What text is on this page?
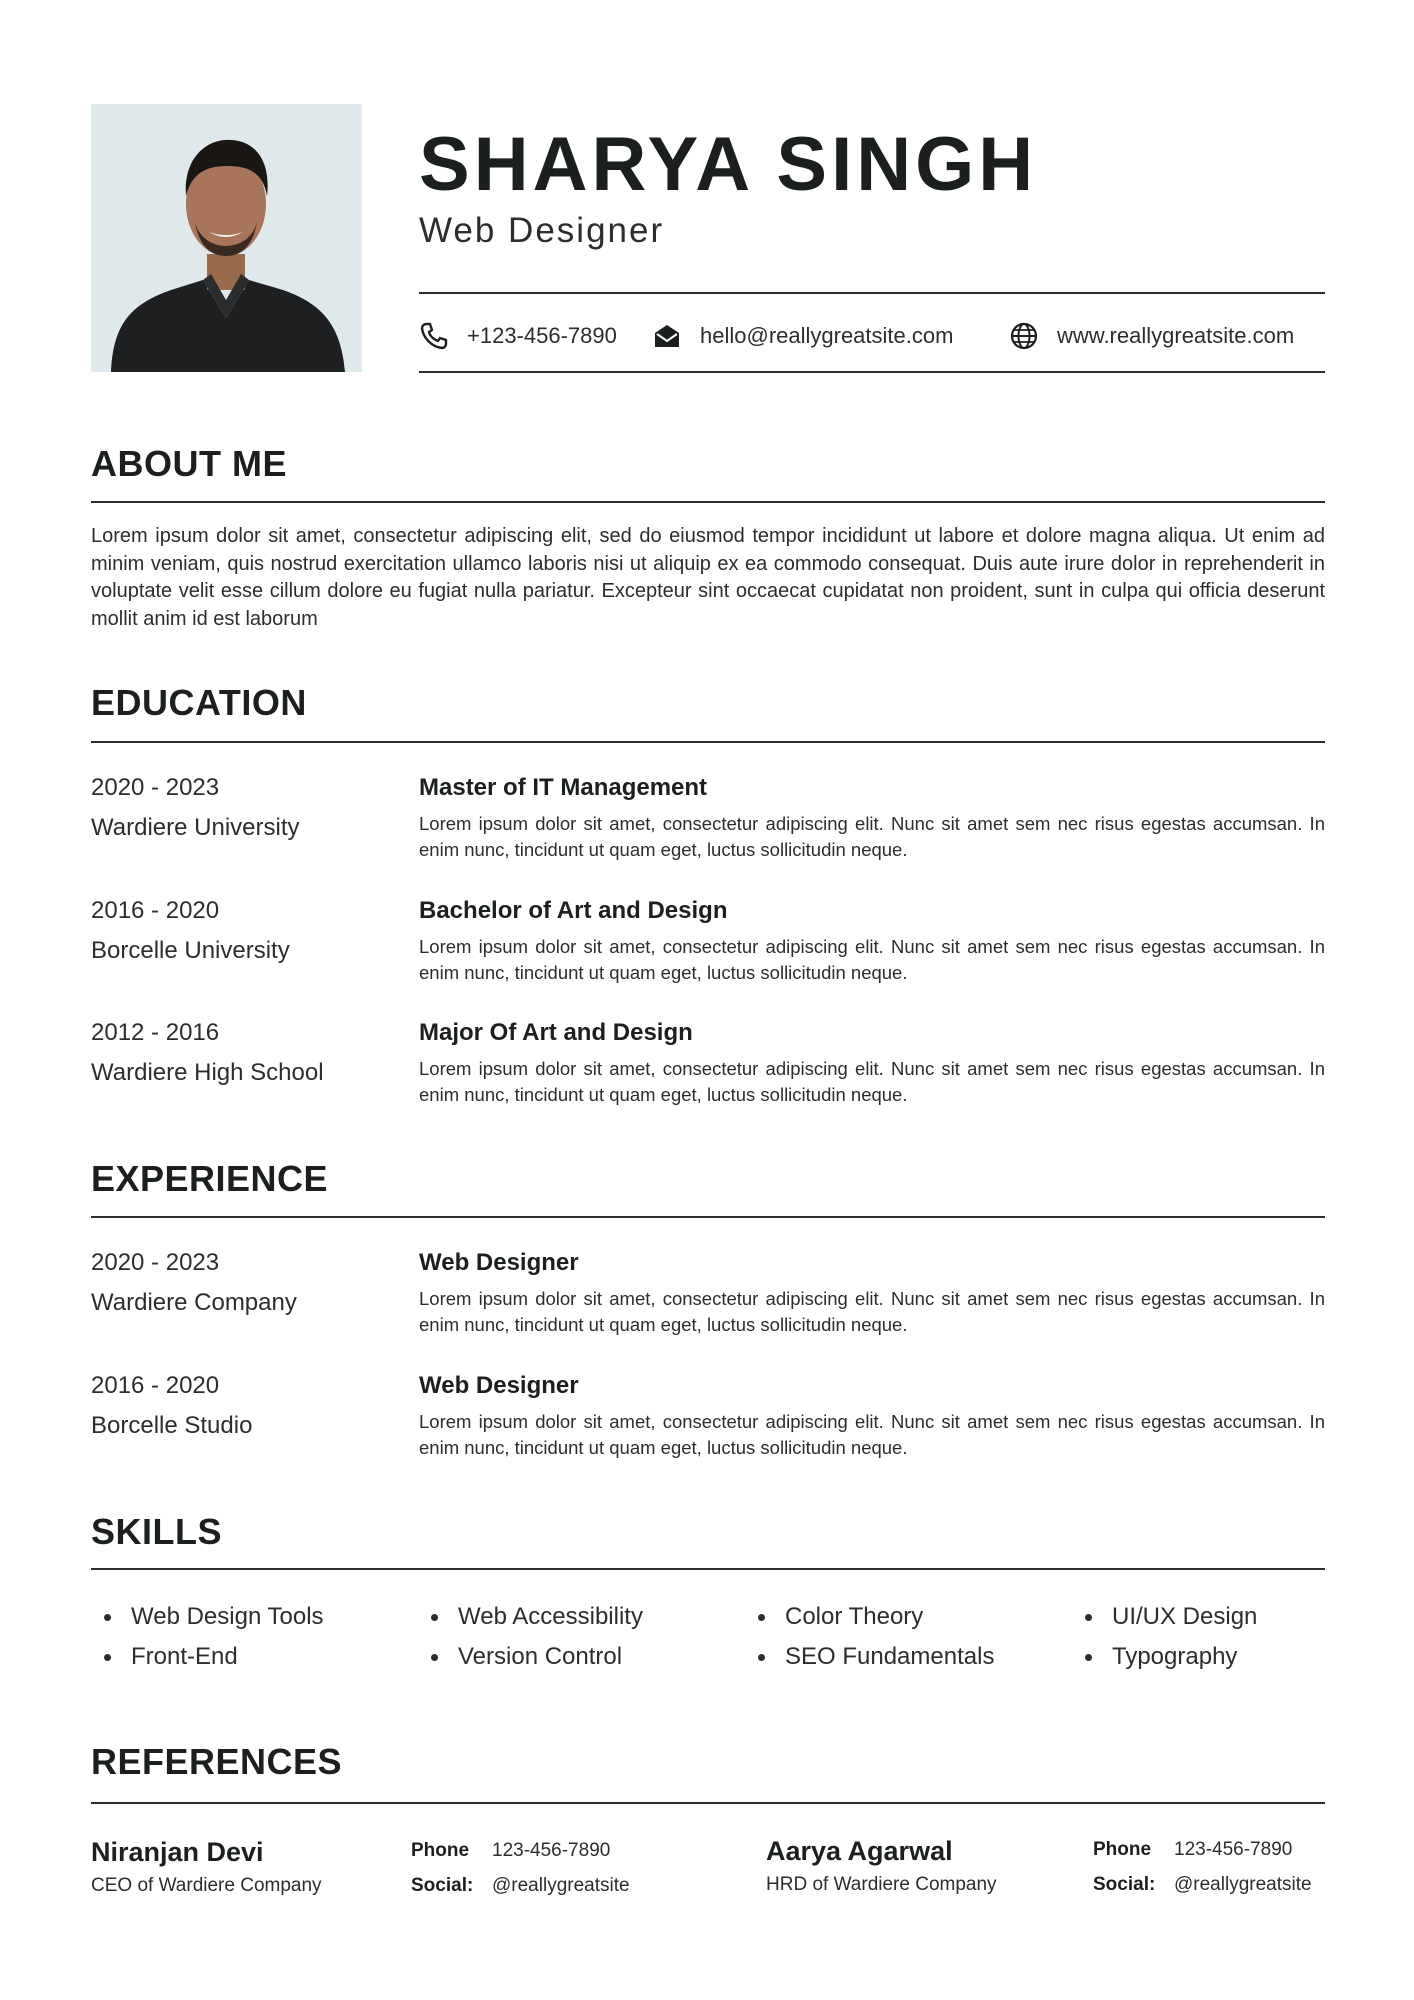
SHARYA SINGH
Web Designer
+123-456-7890	hello@reallygreatsite.com	www.reallygreatsite.com
ABOUT ME
Lorem ipsum dolor sit amet, consectetur adipiscing elit, sed do eiusmod tempor incididunt ut labore et dolore magna aliqua. Ut enim ad minim veniam, quis nostrud exercitation ullamco laboris nisi ut aliquip ex ea commodo consequat. Duis aute irure dolor in reprehenderit in voluptate velit esse cillum dolore eu fugiat nulla pariatur. Excepteur sint occaecat cupidatat non proident, sunt in culpa qui officia deserunt mollit anim id est laborum
EDUCATION
2020 - 2023
Wardiere University
Master of IT Management
Lorem ipsum dolor sit amet, consectetur adipiscing elit. Nunc sit amet sem nec risus egestas accumsan. In enim nunc, tincidunt ut quam eget, luctus sollicitudin neque.
2016 - 2020
Borcelle University
Bachelor of Art and Design
Lorem ipsum dolor sit amet, consectetur adipiscing elit. Nunc sit amet sem nec risus egestas accumsan. In enim nunc, tincidunt ut quam eget, luctus sollicitudin neque.
2012 - 2016
Wardiere High School
Major Of Art and Design
Lorem ipsum dolor sit amet, consectetur adipiscing elit. Nunc sit amet sem nec risus egestas accumsan. In enim nunc, tincidunt ut quam eget, luctus sollicitudin neque.
EXPERIENCE
2020 - 2023
Wardiere Company
Web Designer
Lorem ipsum dolor sit amet, consectetur adipiscing elit. Nunc sit amet sem nec risus egestas accumsan. In enim nunc, tincidunt ut quam eget, luctus sollicitudin neque.
2016 - 2020
Borcelle Studio
Web Designer
Lorem ipsum dolor sit amet, consectetur adipiscing elit. Nunc sit amet sem nec risus egestas accumsan. In enim nunc, tincidunt ut quam eget, luctus sollicitudin neque.
SKILLS
Web Design Tools
Front-End
Web Accessibility
Version Control
Color Theory
SEO Fundamentals
UI/UX Design
Typography
REFERENCES
Niranjan Devi
CEO of Wardiere Company
Phone 123-456-7890
Social: @reallygreatsite
Aarya Agarwal
HRD of Wardiere Company
Phone 123-456-7890
Social: @reallygreatsite
